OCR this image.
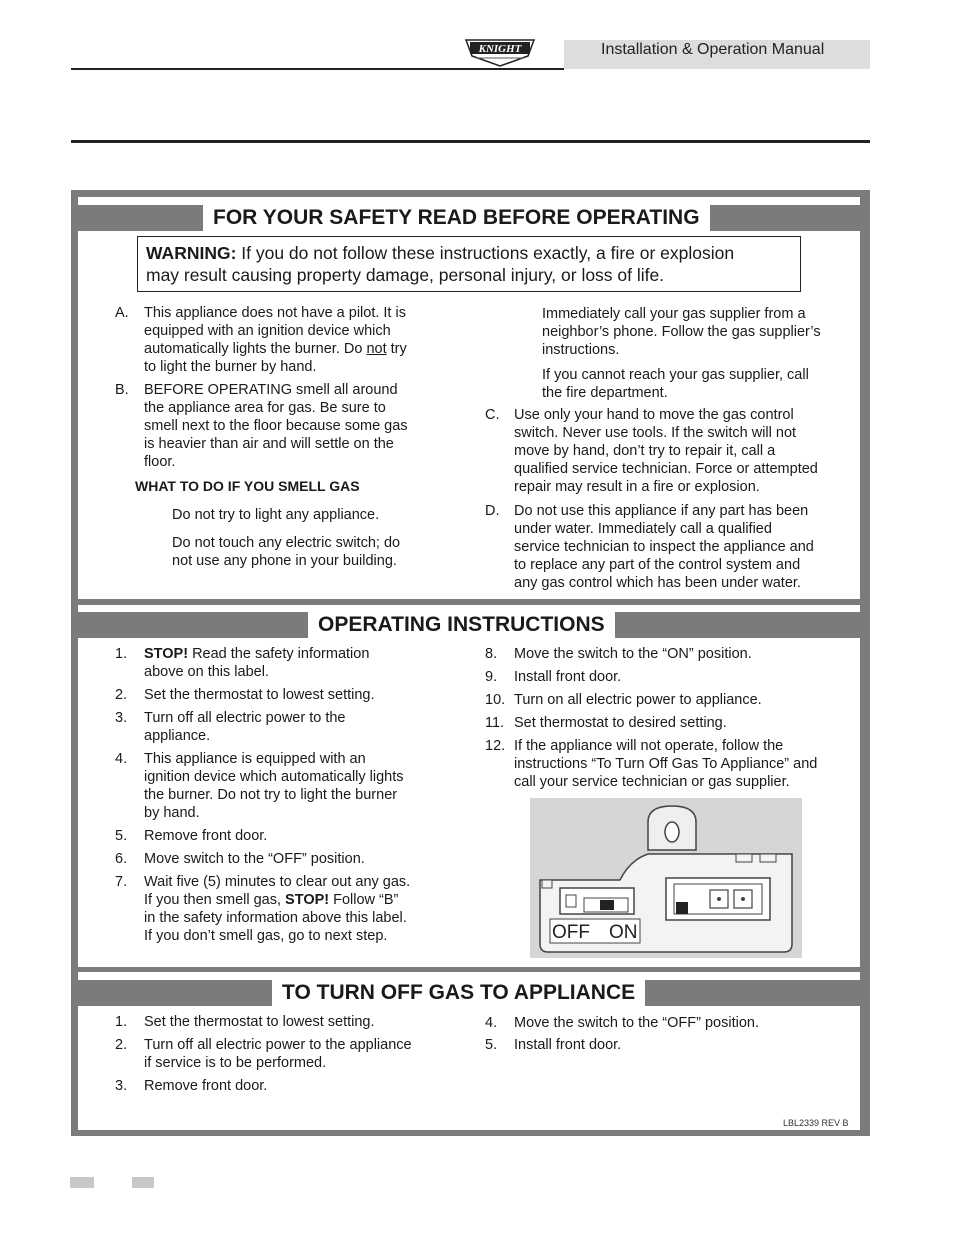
Installation & Operation Manual
KNIGHT
FOR YOUR SAFETY READ BEFORE OPERATING
WARNING: If you do not follow these instructions exactly, a fire or explosion
may result causing property damage, personal injury, or loss of life.
A. This appliance does not have a pilot. It is
equipped with an ignition device which
automatically lights the burner. Do not try
to light the burner by hand.
B. BEFORE OPERATING smell all around
the appliance area for gas. Be sure to
smell next to the floor because some gas
is heavier than air and will settle on the
floor.
WHAT TO DO IF YOU SMELL GAS
Do not try to light any appliance.
Do not touch any electric switch; do
not use any phone in your building.
Immediately call your gas supplier from a
neighbor’s phone. Follow the gas supplier’s
instructions.
If you cannot reach your gas supplier, call
the fire department.
C. Use only your hand to move the gas control
switch. Never use tools. If the switch will not
move by hand, don’t try to repair it, call a
qualified service technician. Force or attempted
repair may result in a fire or explosion.
D. Do not use this appliance if any part has been
under water. Immediately call a qualified
service technician to inspect the appliance and
to replace any part of the control system and
any gas control which has been under water.
OPERATING INSTRUCTIONS
1. STOP! Read the safety information
above on this label.
2. Set the thermostat to lowest setting.
3. Turn off all electric power to the
appliance.
4. This appliance is equipped with an
ignition device which automatically lights
the burner. Do not try to light the burner
by hand.
5. Remove front door.
6. Move switch to the “OFF” position.
7. Wait five (5) minutes to clear out any gas.
If you then smell gas, STOP! Follow “B”
in the safety information above this label.
If you don’t smell gas, go to next step.
8. Move the switch to the “ON” position.
9. Install front door.
10. Turn on all electric power to appliance.
11. Set thermostat to desired setting.
12. If the appliance will not operate, follow the
instructions “To Turn Off Gas To Appliance” and
call your service technician or gas supplier.
OFF ON
TO TURN OFF GAS TO APPLIANCE
1. Set the thermostat to lowest setting.
2. Turn off all electric power to the appliance
if service is to be performed.
3. Remove front door.
4. Move the switch to the “OFF” position.
5. Install front door.
LBL2339 REV B
